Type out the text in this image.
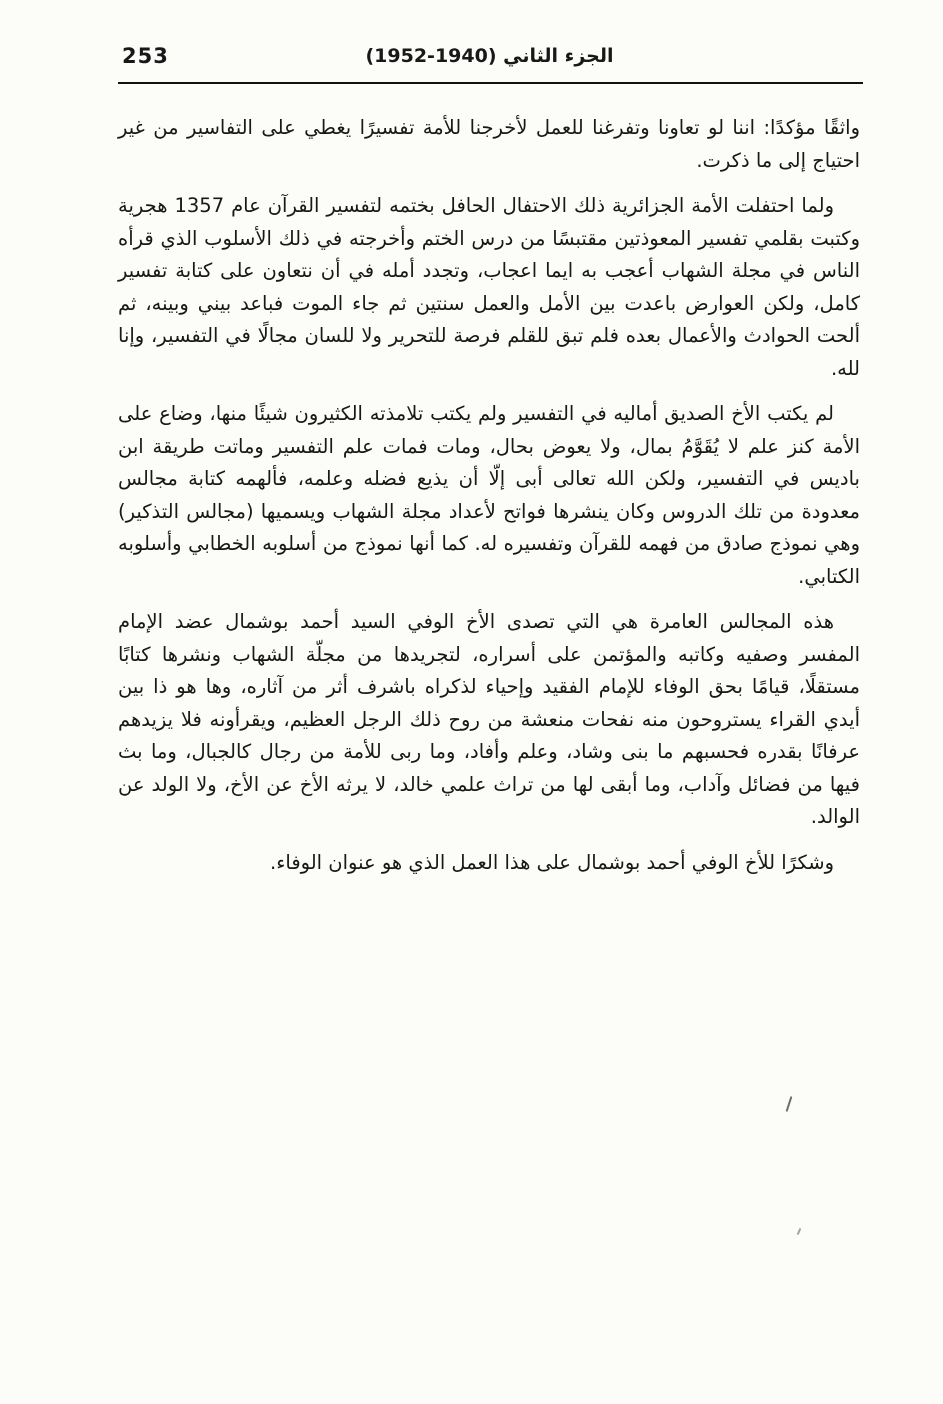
253	الجزء الثاني (1940-1952)

واثقًا مؤكدًا: اننا لو تعاونا وتفرغنا للعمل لأخرجنا للأمة تفسيرًا يغطي على التفاسير من غير احتياج إلى ما ذكرت.

ولما احتفلت الأمة الجزائرية ذلك الاحتفال الحافل بختمه لتفسير القرآن عام 1357 هجرية وكتبت بقلمي تفسير المعوذتين مقتبسًا من درس الختم وأخرجته في ذلك الأسلوب الذي قرأه الناس في مجلة الشهاب أعجب به ايما اعجاب، وتجدد أمله في أن نتعاون على كتابة تفسير كامل، ولكن العوارض باعدت بين الأمل والعمل سنتين ثم جاء الموت فباعد بيني وبينه، ثم ألحت الحوادث والأعمال بعده فلم تبق للقلم فرصة للتحرير ولا للسان مجالًا في التفسير، وإنا لله.

لم يكتب الأخ الصديق أماليه في التفسير ولم يكتب تلامذته الكثيرون شيئًا منها، وضاع على الأمة كنز علم لا يُقَوَّمُ بمال، ولا يعوض بحال، ومات فمات علم التفسير وماتت طريقة ابن باديس في التفسير، ولكن الله تعالى أبى إلّا أن يذيع فضله وعلمه، فألهمه كتابة مجالس معدودة من تلك الدروس وكان ينشرها فواتح لأعداد مجلة الشهاب ويسميها (مجالس التذكير) وهي نموذج صادق من فهمه للقرآن وتفسيره له. كما أنها نموذج من أسلوبه الخطابي وأسلوبه الكتابي.

هذه المجالس العامرة هي التي تصدى الأخ الوفي السيد أحمد بوشمال عضد الإمام المفسر وصفيه وكاتبه والمؤتمن على أسراره، لتجريدها من مجلّة الشهاب ونشرها كتابًا مستقلًا، قيامًا بحق الوفاء للإمام الفقيد وإحياء لذكراه باشرف أثر من آثاره، وها هو ذا بين أيدي القراء يستروحون منه نفحات منعشة من روح ذلك الرجل العظيم، ويقرأونه فلا يزيدهم عرفانًا بقدره فحسبهم ما بنى وشاد، وعلم وأفاد، وما ربى للأمة من رجال كالجبال، وما بث فيها من فضائل وآداب، وما أبقى لها من تراث علمي خالد، لا يرثه الأخ عن الأخ، ولا الولد عن الوالد.

وشكرًا للأخ الوفي أحمد بوشمال على هذا العمل الذي هو عنوان الوفاء.
